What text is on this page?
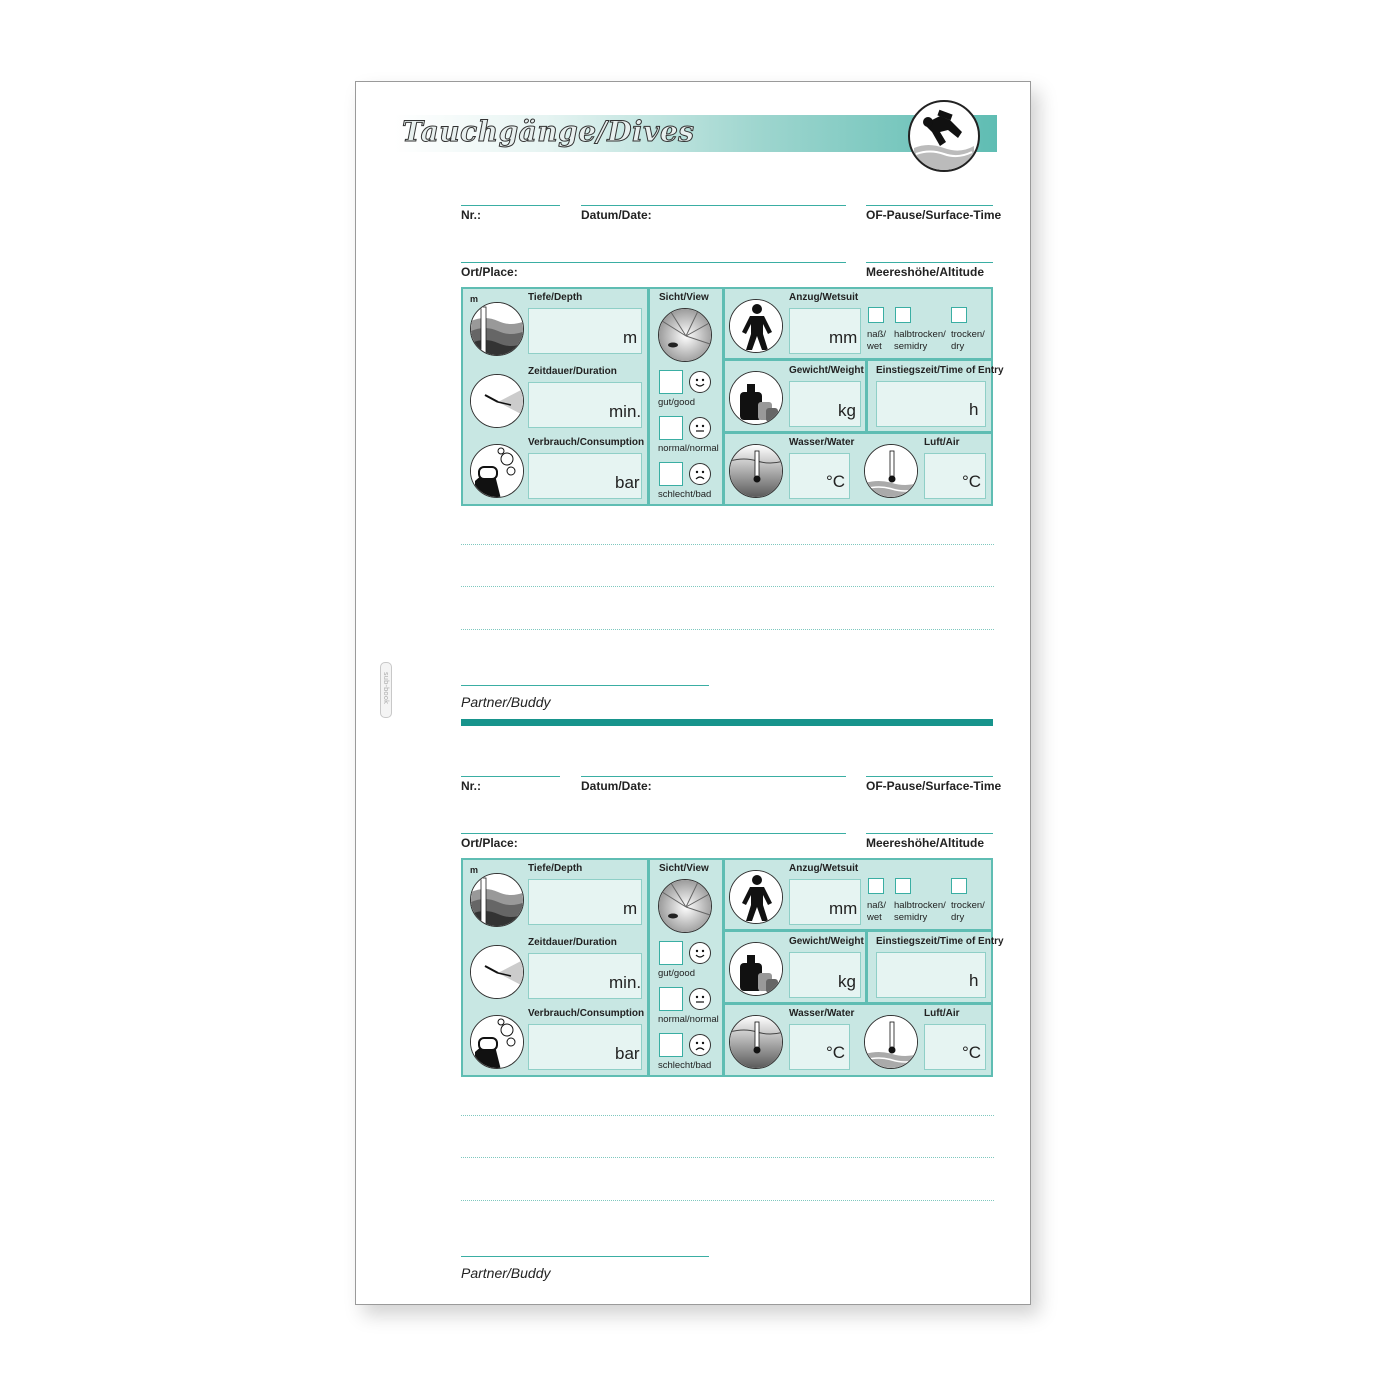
sub-book
Tauchgänge/Dives
Nr.:	Datum/Date:	OF-Pause/Surface-Time
Ort/Place:	Meereshöhe/Altitude
m	Tiefe/Depth
m
Zeitdauer/Duration
min.
Verbrauch/Consumption
bar
Sicht/View
gut/good
normal/normal
schlecht/bad
Anzug/Wetsuit
mm naß/
wet
halbtrocken/
semidry
trocken/
dry
Gewicht/Weight
kg
Einstiegszeit/Time of Entry
h
Wasser/Water
°C
Luft/Air
°C
Partner/Buddy
Nr.:	Datum/Date:	OF-Pause/Surface-Time
Ort/Place:	Meereshöhe/Altitude
m	Tiefe/Depth
m
Zeitdauer/Duration
min.
Verbrauch/Consumption
bar
Sicht/View
gut/good
normal/normal
schlecht/bad
Anzug/Wetsuit
mm naß/
wet
halbtrocken/
semidry
trocken/
dry
Gewicht/Weight
kg
Einstiegszeit/Time of Entry
h
Wasser/Water
°C
Luft/Air
°C
Partner/Buddy
